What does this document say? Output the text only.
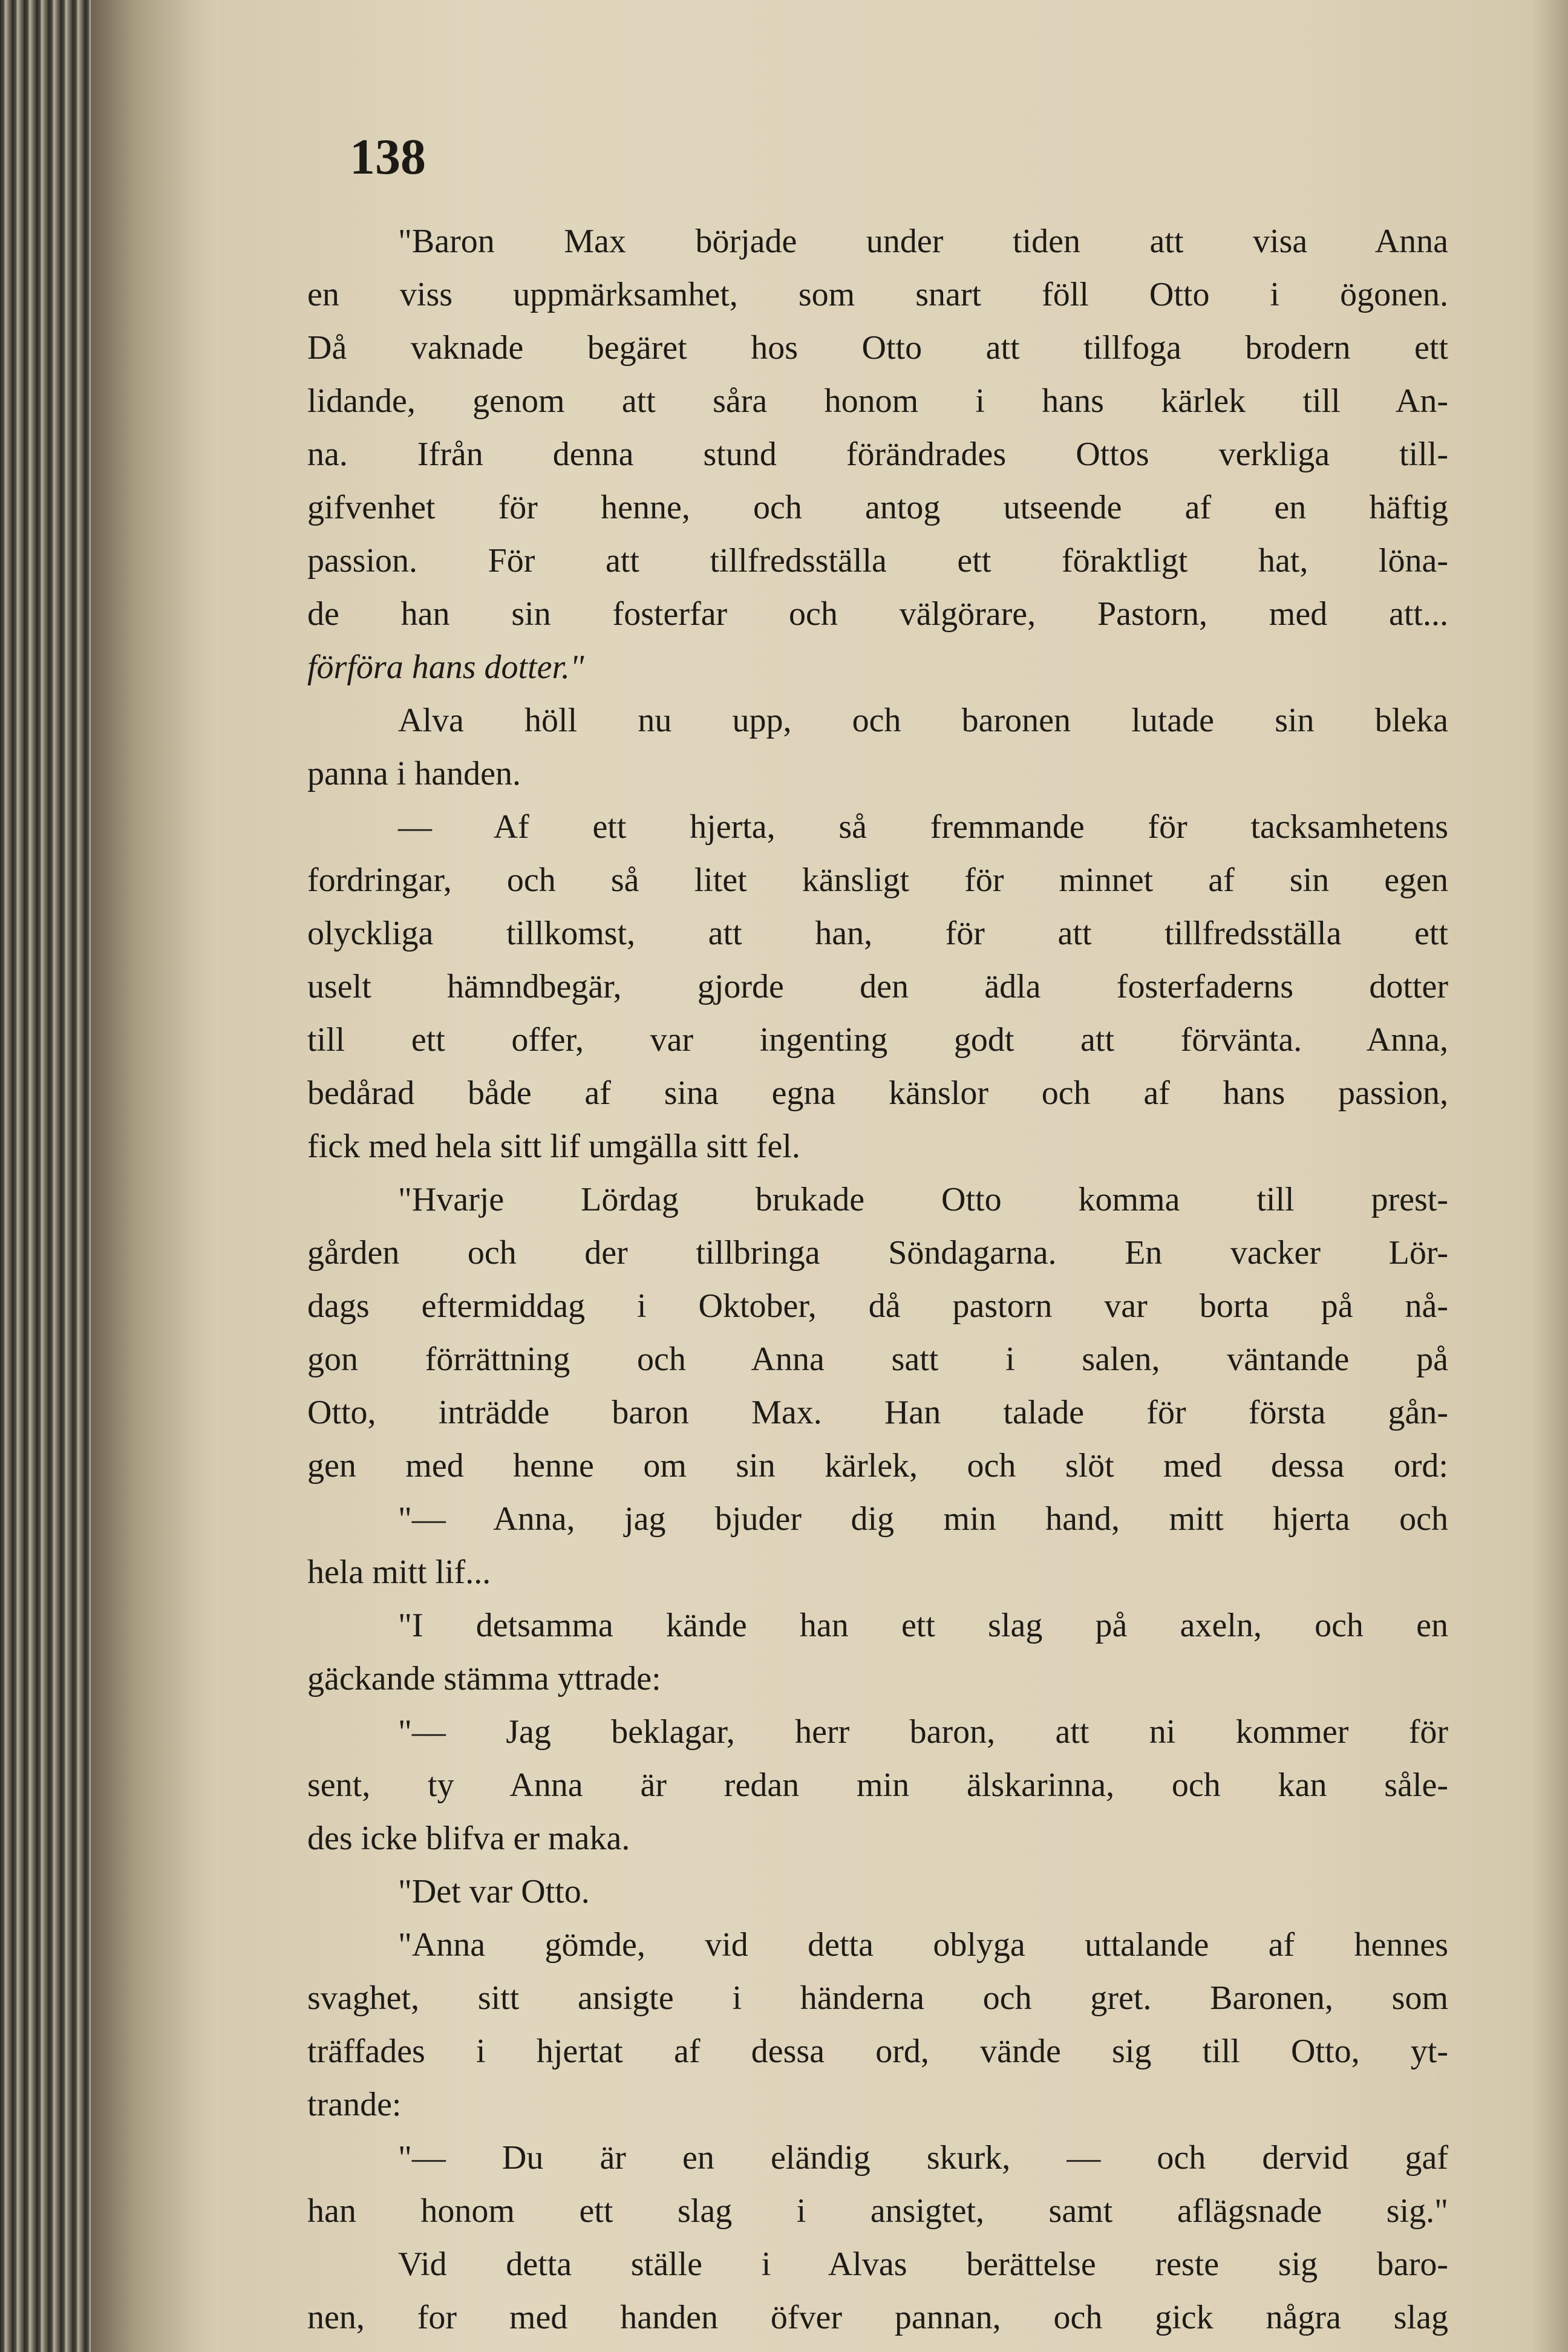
138
"Baron Max började under tiden att visa Anna
en viss uppmärksamhet, som snart föll Otto i ögonen.
Då vaknade begäret hos Otto att tillfoga brodern ett
lidande, genom att såra honom i hans kärlek till An-
na. Ifrån denna stund förändrades Ottos verkliga till-
gifvenhet för henne, och antog utseende af en häftig
passion. För att tillfredsställa ett föraktligt hat, löna-
de han sin fosterfar och välgörare, Pastorn, med att...
förföra hans dotter."
Alva höll nu upp, och baronen lutade sin bleka
panna i handen.
— Af ett hjerta, så fremmande för tacksamhetens
fordringar, och så litet känsligt för minnet af sin egen
olyckliga tillkomst, att han, för att tillfredsställa ett
uselt hämndbegär, gjorde den ädla fosterfaderns dotter
till ett offer, var ingenting godt att förvänta. Anna,
bedårad både af sina egna känslor och af hans passion,
fick med hela sitt lif umgälla sitt fel.
"Hvarje Lördag brukade Otto komma till prest-
gården och der tillbringa Söndagarna. En vacker Lör-
dags eftermiddag i Oktober, då pastorn var borta på nå-
gon förrättning och Anna satt i salen, väntande på
Otto, inträdde baron Max. Han talade för första gån-
gen med henne om sin kärlek, och slöt med dessa ord:
"— Anna, jag bjuder dig min hand, mitt hjerta och
hela mitt lif...
"I detsamma kände han ett slag på axeln, och en
gäckande stämma yttrade:
"— Jag beklagar, herr baron, att ni kommer för
sent, ty Anna är redan min älskarinna, och kan såle-
des icke blifva er maka.
"Det var Otto.
"Anna gömde, vid detta oblyga uttalande af hennes
svaghet, sitt ansigte i händerna och gret. Baronen, som
träffades i hjertat af dessa ord, vände sig till Otto, yt-
trande:
"— Du är en eländig skurk, — och dervid gaf
han honom ett slag i ansigtet, samt aflägsnade sig."
Vid detta ställe i Alvas berättelse reste sig baro-
nen, for med handen öfver pannan, och gick några slag
